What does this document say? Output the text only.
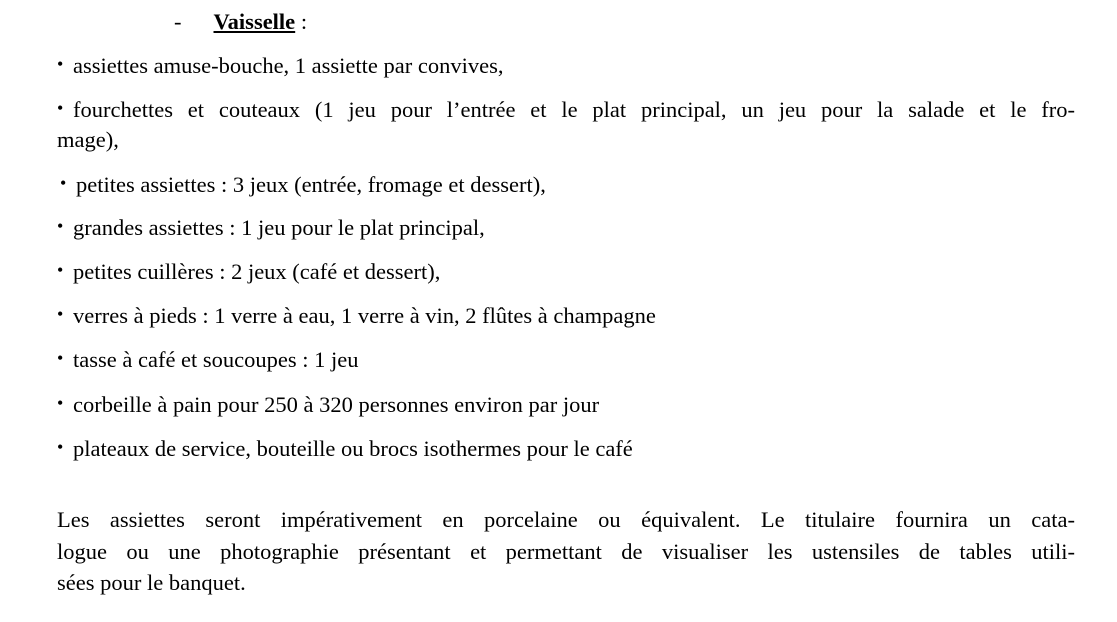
- Vaisselle :
• assiettes amuse-bouche, 1 assiette par convives,
• fourchettes et couteaux (1 jeu pour l’entrée et le plat principal, un jeu pour la salade et le fro-
mage),
• petites assiettes : 3 jeux (entrée, fromage et dessert),
• grandes assiettes : 1 jeu pour le plat principal,
• petites cuillères : 2 jeux (café et dessert),
• verres à pieds : 1 verre à eau, 1 verre à vin, 2 flûtes à champagne
• tasse à café et soucoupes : 1 jeu
• corbeille à pain pour 250 à 320 personnes environ par jour
• plateaux de service, bouteille ou brocs isothermes pour le café
Les assiettes seront impérativement en porcelaine ou équivalent. Le titulaire fournira un cata-
logue ou une photographie présentant et permettant de visualiser les ustensiles de tables utili-
sées pour le banquet.
